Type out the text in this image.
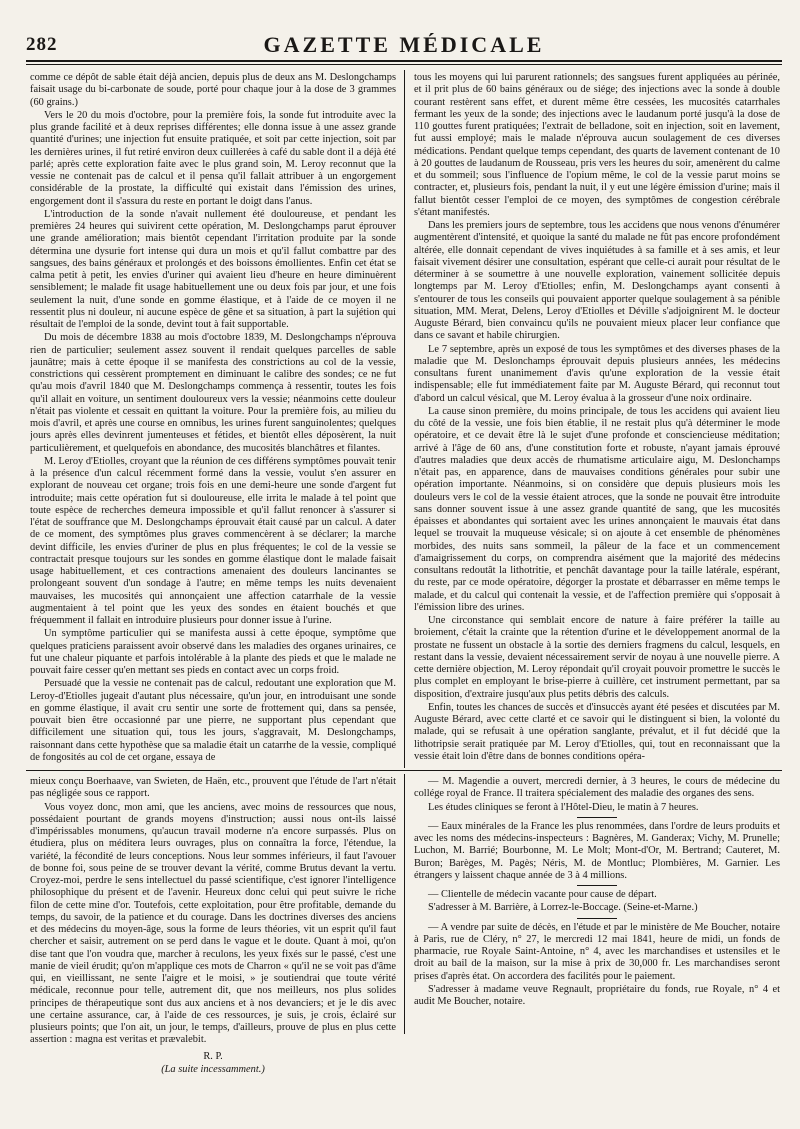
282	GAZETTE MÉDICALE

comme ce dépôt de sable était déjà ancien, depuis plus de deux ans M. Deslongchamps faisait usage du bi-carbonate de soude, porté pour chaque jour à la dose de 3 grammes (60 grains.)

Vers le 20 du mois d'octobre, pour la première fois, la sonde fut introduite avec la plus grande facilité et à deux reprises différentes; elle donna issue à une assez grande quantité d'urines; une injection fut ensuite pratiquée, et soit par cette injection, soit par les dernières urines, il fut retiré environ deux cuillerées à café du sable dont il a déjà été parlé; après cette exploration faite avec le plus grand soin, M. Leroy reconnut que la vessie ne contenait pas de calcul et il pensa qu'il fallait attribuer à un engorgement considérable de la prostate, la difficulté qui existait dans l'émission des urines, engorgement dont il s'assura du reste en portant le doigt dans l'anus.

L'introduction de la sonde n'avait nullement été douloureuse, et pendant les premières 24 heures qui suivirent cette opération, M. Deslongchamps parut éprouver une grande amélioration; mais bientôt cependant l'irritation produite par la sonde détermina une dysurie fort intense qui dura un mois et qu'il fallut combattre par des sangsues, des bains généraux et prolongés et des boissons émollientes. Enfin cet état se calma petit à petit, les envies d'uriner qui avaient lieu d'heure en heure diminuèrent sensiblement; le malade fit usage habituellement une ou deux fois par jour, et une fois seulement la nuit, d'une sonde en gomme élastique, et à l'aide de ce moyen il ne ressentit plus ni douleur, ni aucune espèce de gêne et sa situation, à part la sujétion qui résultait de l'emploi de la sonde, devint tout à fait supportable.

Du mois de décembre 1838 au mois d'octobre 1839, M. Deslongchamps n'éprouva rien de particulier; seulement assez souvent il rendait quelques parcelles de sable jaunâtre; mais à cette époque il se manifesta des constrictions au col de la vessie, constrictions qui cessèrent promptement en diminuant le calibre des sondes; ce ne fut qu'au mois d'avril 1840 que M. Deslongchamps commença à ressentir, toutes les fois qu'il allait en voiture, un sentiment douloureux vers la vessie; néanmoins cette douleur n'était pas violente et cessait en quittant la voiture. Pour la première fois, au milieu du mois d'avril, et après une course en omnibus, les urines furent sanguinolentes; quelques jours après elles devinrent jumenteuses et fétides, et bientôt elles déposèrent, la nuit particulièrement, et quelquefois en abondance, des mucosités blanchâtres et filantes.

M. Leroy d'Etiolles, croyant que la réunion de ces différens symptômes pouvait tenir à la présence d'un calcul récemment formé dans la vessie, voulut s'en assurer en explorant de nouveau cet organe; trois fois en une demi-heure une sonde d'argent fut introduite; mais cette opération fut si douloureuse, elle irrita le malade à tel point que toute espèce de recherches demeura impossible et qu'il fallut renoncer à s'assurer si l'état de souffrance que M. Deslongchamps éprouvait était causé par un calcul. A dater de ce moment, des symptômes plus graves commencèrent à se déclarer; la marche devint difficile, les envies d'uriner de plus en plus fréquentes; le col de la vessie se contractait presque toujours sur les sondes en gomme élastique dont le malade faisait usage habituellement, et ces contractions amenaient des douleurs lancinantes se prolongeant souvent d'un sondage à l'autre; en même temps les nuits devenaient mauvaises, les mucosités qui annonçaient une affection catarrhale de la vessie augmentaient à tel point que les yeux des sondes en étaient bouchés et que fréquemment il fallait en introduire plusieurs pour donner issue à l'urine.

Un symptôme particulier qui se manifesta aussi à cette époque, symptôme que quelques praticiens paraissent avoir observé dans les maladies des organes urinaires, ce fut une chaleur piquante et parfois intolérable à la plante des pieds et que le malade ne pouvait faire cesser qu'en mettant ses pieds en contact avec un corps froid.

Persuadé que la vessie ne contenait pas de calcul, redoutant une exploration que M. Leroy-d'Etiolles jugeait d'autant plus nécessaire, qu'un jour, en introduisant une sonde en gomme élastique, il avait cru sentir une sorte de frottement qui, dans sa pensée, pouvait bien être occasionné par une pierre, ne supportant plus cependant que difficilement une situation qui, tous les jours, s'aggravait, M. Deslongchamps, raisonnant dans cette hypothèse que sa maladie était un catarrhe de la vessie, compliqué de fongosités au col de cet organe, essaya de

tous les moyens qui lui parurent rationnels; des sangsues furent appliquées au périnée, et il prit plus de 60 bains généraux ou de siége; des injections avec la sonde à double courant restèrent sans effet, et durent même être cessées, les mucosités catarrhales fermant les yeux de la sonde; des injections avec le laudanum porté jusqu'à la dose de 110 gouttes furent pratiquées; l'extrait de belladone, soit en injection, soit en lavement, fut aussi employé; mais le malade n'éprouva aucun soulagement de ces diverses médications. Pendant quelque temps cependant, des quarts de lavement contenant de 10 à 20 gouttes de laudanum de Rousseau, pris vers les heures du soir, amenèrent du calme et du sommeil; sous l'influence de l'opium même, le col de la vessie parut moins se contracter, et, plusieurs fois, pendant la nuit, il y eut une légère émission d'urine; mais il fallut bientôt cesser l'emploi de ce moyen, des symptômes de congestion cérébrale s'étant manifestés.

Dans les premiers jours de septembre, tous les accidens que nous venons d'énumérer augmentèrent d'intensité, et quoique la santé du malade ne fût pas encore profondément altérée, elle donnait cependant de vives inquiétudes à sa famille et à ses amis, et leur faisait vivement désirer une consultation, espérant que celle-ci aurait pour résultat de le déterminer à se soumettre à une nouvelle exploration, vainement sollicitée depuis longtemps par M. Leroy d'Etiolles; enfin, M. Deslongchamps ayant consenti à s'entourer de tous les conseils qui pouvaient apporter quelque soulagement à sa pénible situation, MM. Merat, Delens, Leroy d'Etiolles et Déville s'adjoignirent M. le docteur Auguste Bérard, bien convaincu qu'ils ne pouvaient mieux placer leur confiance que dans ce savant et habile chirurgien.

Le 7 septembre, après un exposé de tous les symptômes et des diverses phases de la maladie que M. Deslonchamps éprouvait depuis plusieurs années, les médecins consultans furent unanimement d'avis qu'une exploration de la vessie était indispensable; elle fut immédiatement faite par M. Auguste Bérard, qui reconnut tout d'abord un calcul vésical, que M. Leroy évalua à la grosseur d'une noix ordinaire.

La cause sinon première, du moins principale, de tous les accidens qui avaient lieu du côté de la vessie, une fois bien établie, il ne restait plus qu'à déterminer le mode opératoire, et ce devait être là le sujet d'une profonde et consciencieuse méditation; arrivé à l'âge de 60 ans, d'une constitution forte et robuste, n'ayant jamais éprouvé d'autres maladies que deux accès de rhumatisme articulaire aigu, M. Deslonchamps n'était pas, en apparence, dans de mauvaises conditions générales pour subir une opération importante. Néanmoins, si on considère que depuis plusieurs mois les douleurs vers le col de la vessie étaient atroces, que la sonde ne pouvait être introduite sans donner souvent issue à une assez grande quantité de sang, que les mucosités épaisses et abondantes qui sortaient avec les urines annonçaient le mauvais état dans lequel se trouvait la muqueuse vésicale; si on ajoute à cet ensemble de phénomènes morbides, des nuits sans sommeil, la pâleur de la face et un commencement d'amaigrissement du corps, on comprendra aisément que la majorité des médecins consultans redoutât la lithotritie, et penchât davantage pour la taille latérale, espérant, du reste, par ce mode opératoire, dégorger la prostate et débarrasser en même temps le malade, et du calcul qui contenait la vessie, et de l'affection première qui s'opposait à l'émission libre des urines.

Une circonstance qui semblait encore de nature à faire préférer la taille au broiement, c'était la crainte que la rétention d'urine et le développement anormal de la prostate ne fussent un obstacle à la sortie des derniers fragmens du calcul, lesquels, en restant dans la vessie, devaient nécessairement servir de noyau à une nouvelle pierre. A cette dernière objection, M. Leroy répondait qu'il croyait pouvoir promettre le succès le plus complet en employant le brise-pierre à cuillère, cet instrument permettant, par sa disposition, d'extraire jusqu'aux plus petits débris des calculs.

Enfin, toutes les chances de succès et d'insuccès ayant été pesées et discutées par M. Auguste Bérard, avec cette clarté et ce savoir qui le distinguent si bien, la volonté du malade, qui se refusait à une opération sanglante, prévalut, et il fut décidé que la lithotripsie serait pratiquée par M. Leroy d'Etiolles, qui, tout en reconnaissant que la vessie était loin d'être dans de bonnes conditions opéra-

mieux conçu Boerhaave, van Swieten, de Haën, etc., prouvent que l'étude de l'art n'était pas négligée sous ce rapport.

Vous voyez donc, mon ami, que les anciens, avec moins de ressources que nous, possédaient pourtant de grands moyens d'instruction; aussi nous ont-ils laissé d'impérissables monumens, qu'aucun travail moderne n'a encore surpassés. Plus on étudiera, plus on méditera leurs ouvrages, plus on connaîtra la force, l'étendue, la variété, la fécondité de leurs conceptions. Nous leur sommes inférieurs, il faut l'avouer de bonne foi, sous peine de se trouver devant la vérité, comme Brutus devant la vertu. Croyez-moi, perdre le sens intellectuel du passé scientifique, c'est ignorer l'intelligence philosophique du présent et de l'avenir. Heureux donc celui qui peut suivre le riche filon de cette mine d'or. Toutefois, cette exploitation, pour être profitable, demande du temps, du savoir, de la patience et du courage. Dans les doctrines diverses des anciens et des médecins du moyen-âge, sous la forme de leurs théories, vit un esprit qu'il faut chercher et saisir, autrement on se perd dans le vague et le doute. Quant à moi, qu'on dise tant que l'on voudra que, marcher à reculons, les yeux fixés sur le passé, c'est une manie de vieil érudit; qu'on m'applique ces mots de Charron « qu'il ne se voit pas d'âme qui, en vieillissant, ne sente l'aigre et le moisi, » je soutiendrai que toute vérité médicale, reconnue pour telle, autrement dit, que nos meilleurs, nos plus solides principes de thérapeutique sont dus aux anciens et à nos devanciers; et je le dis avec une certaine assurance, car, à l'aide de ces ressources, je suis, je crois, éclairé sur plusieurs points; que l'on ait, un jour, le temps, d'ailleurs, prouve de plus en plus cette assertion : magna est veritas et prævalebit.

R. P.

(La suite incessamment.)

— M. Magendie a ouvert, mercredi dernier, à 3 heures, le cours de médecine du collége royal de France. Il traitera spécialement des maladie des organes des sens.

Les études cliniques se feront à l'Hôtel-Dieu, le matin à 7 heures.

— Eaux minérales de la France les plus renommées, dans l'ordre de leurs produits et avec les noms des médecins-inspecteurs : Bagnères, M. Ganderax; Vichy, M. Prunelle; Luchon, M. Barrié; Bourbonne, M. Le Molt; Mont-d'Or, M. Bertrand; Cauteret, M. Buron; Barèges, M. Pagès; Néris, M. de Montluc; Plombières, M. Garnier. Les étrangers y laissent chaque année de 3 à 4 millions.

— Clientelle de médecin vacante pour cause de départ.

S'adresser à M. Barrière, à Lorrez-le-Boccage. (Seine-et-Marne.)

— A vendre par suite de décès, en l'étude et par le ministère de Me Boucher, notaire à Paris, rue de Cléry, n° 27, le mercredi 12 mai 1841, heure de midi, un fonds de pharmacie, rue Royale Saint-Antoine, n° 4, avec les marchandises et ustensiles et le droit au bail de la maison, sur la mise à prix de 30,000 fr. Les marchandises seront prises d'après état. On accordera des facilités pour le paiement.

S'adresser à madame veuve Regnault, propriétaire du fonds, rue Royale, n° 4 et audit Me Boucher, notaire.
